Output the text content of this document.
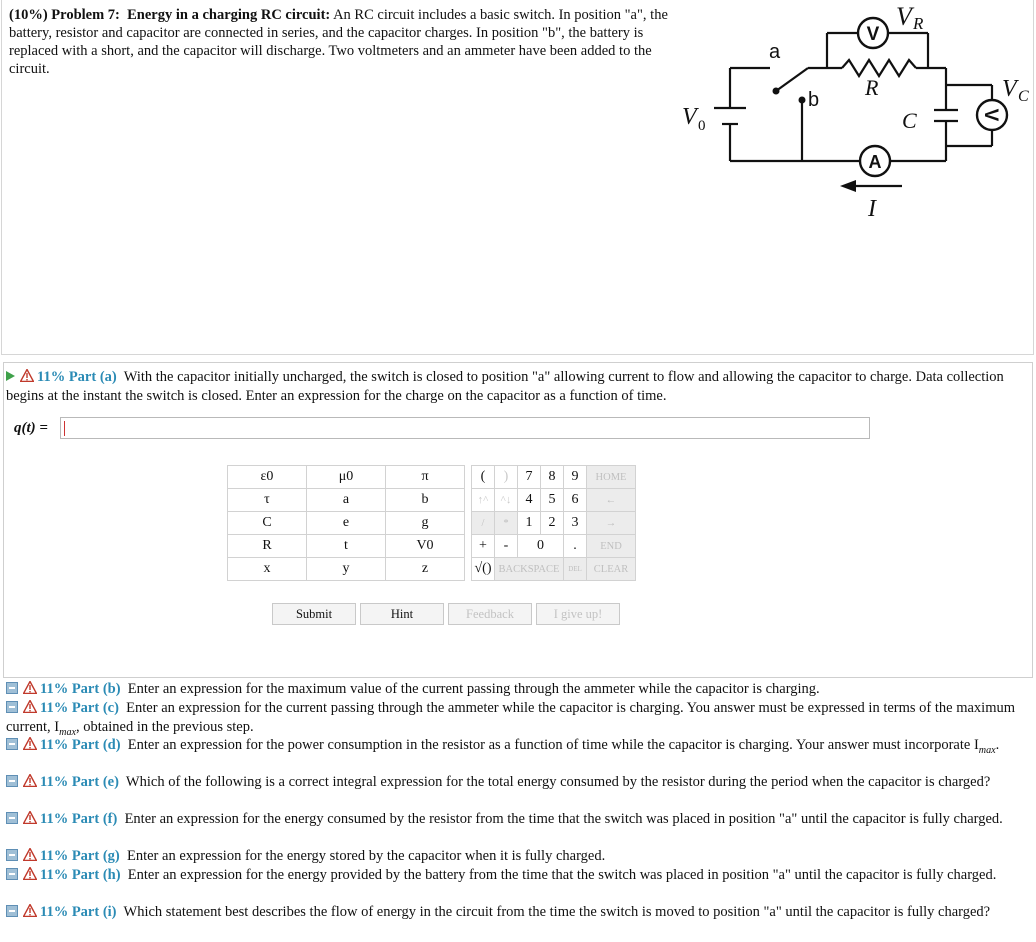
(10%) Problem 7: Energy in a charging RC circuit: An RC circuit includes a basic switch. In position "a", the battery, resistor and capacitor are connected in series, and the capacitor charges. In position "b", the battery is replaced with a short, and the capacitor will discharge. Two voltmeters and an ammeter have been added to the circuit.
V
V
A
a
b R
V R
C
V C
V 0
I
11% Part (a) With the capacitor initially uncharged, the switch is closed to position "a" allowing current to flow and allowing the capacitor to charge. Data collection begins at the instant the switch is closed. Enter an expression for the charge on the capacitor as a function of time.
q(t) =
ε0	μ0	π		(	)	7	8	9	HOME
τ	a	b		↑^	^↓	4	5	6	←
C	e	g		/	*	1	2	3	→
R	t	V0		+	-	0		.	END
x	y	z		√()	BACKSPACE			DEL	CLEAR
Submit	Hint	Feedback	I give up!
11% Part (b) Enter an expression for the maximum value of the current passing through the ammeter while the capacitor is charging.
11% Part (c) Enter an expression for the current passing through the ammeter while the capacitor is charging. You answer must be expressed in terms of the maximum current, $I_{max}$, obtained in the previous step.
11% Part (d) Enter an expression for the power consumption in the resistor as a function of time while the capacitor is charging. Your answer must incorporate $I_{max}$.
11% Part (e) Which of the following is a correct integral expression for the total energy consumed by the resistor during the period when the capacitor is charged?
11% Part (f) Enter an expression for the energy consumed by the resistor from the time that the switch was placed in position "a" until the capacitor is fully charged.
11% Part (g) Enter an expression for the energy stored by the capacitor when it is fully charged.
11% Part (h) Enter an expression for the energy provided by the battery from the time that the switch was placed in position "a" until the capacitor is fully charged.
11% Part (i) Which statement best describes the flow of energy in the circuit from the time the switch is moved to position "a" until the capacitor is fully charged?
